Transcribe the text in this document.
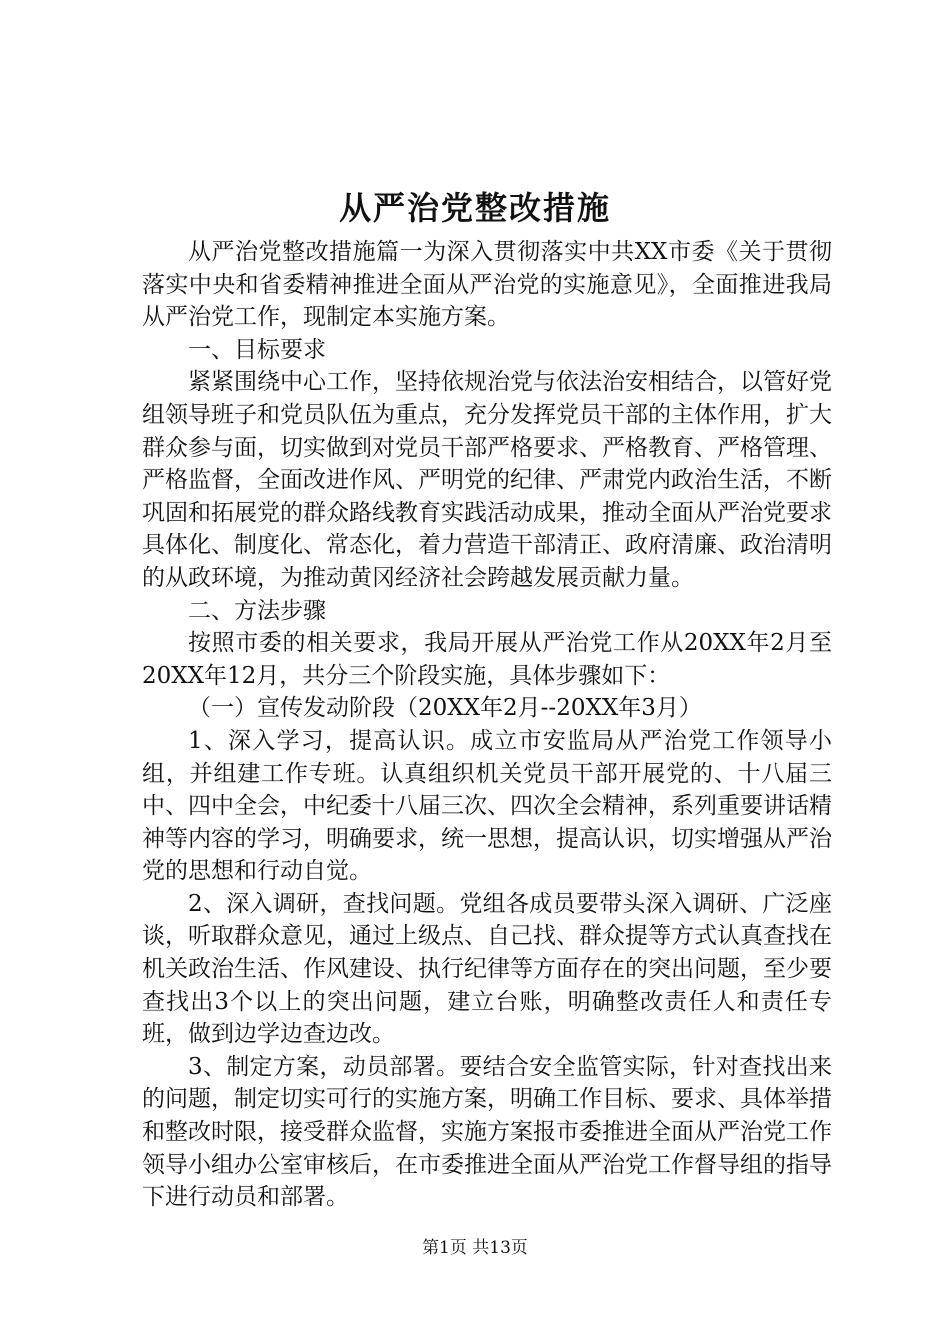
从严治党整改措施

从严治党整改措施篇一为深入贯彻落实中共XX市委《关于贯彻落实中央和省委精神推进全面从严治党的实施意见》，全面推进我局从严治党工作，现制定本实施方案。

一、目标要求

紧紧围绕中心工作，坚持依规治党与依法治安相结合，以管好党组领导班子和党员队伍为重点，充分发挥党员干部的主体作用，扩大群众参与面，切实做到对党员干部严格要求、严格教育、严格管理、严格监督，全面改进作风、严明党的纪律、严肃党内政治生活，不断巩固和拓展党的群众路线教育实践活动成果，推动全面从严治党要求具体化、制度化、常态化，着力营造干部清正、政府清廉、政治清明的从政环境，为推动黄冈经济社会跨越发展贡献力量。

二、方法步骤

按照市委的相关要求，我局开展从严治党工作从20XX年2月至20XX年12月，共分三个阶段实施，具体步骤如下：

（一）宣传发动阶段（20XX年2月--20XX年3月）

1、深入学习，提高认识。成立市安监局从严治党工作领导小组，并组建工作专班。认真组织机关党员干部开展党的、十八届三中、四中全会，中纪委十八届三次、四次全会精神，系列重要讲话精神等内容的学习，明确要求，统一思想，提高认识，切实增强从严治党的思想和行动自觉。

2、深入调研，查找问题。党组各成员要带头深入调研、广泛座谈，听取群众意见，通过上级点、自己找、群众提等方式认真查找在机关政治生活、作风建设、执行纪律等方面存在的突出问题，至少要查找出3个以上的突出问题，建立台账，明确整改责任人和责任专班，做到边学边查边改。

3、制定方案，动员部署。要结合安全监管实际，针对查找出来的问题，制定切实可行的实施方案，明确工作目标、要求、具体举措和整改时限，接受群众监督，实施方案报市委推进全面从严治党工作领导小组办公室审核后，在市委推进全面从严治党工作督导组的指导下进行动员和部署。

第1页 共13页
